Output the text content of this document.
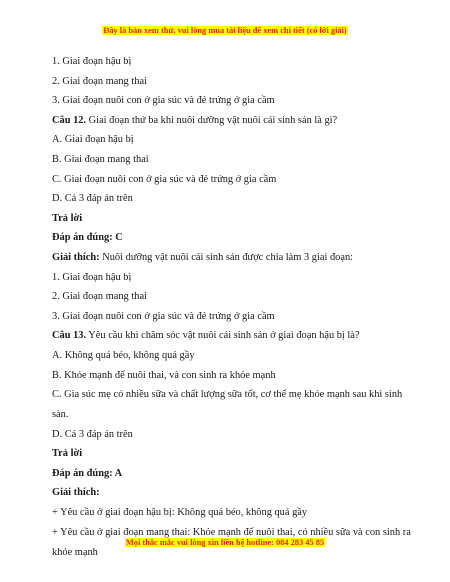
Đây là bản xem thử, vui lòng mua tài liệu để xem chi tiết (có lời giải)
1. Giai đoạn hậu bị
2. Giai đoạn mang thai
3. Giai đoạn nuôi con ở gia súc và đẻ trứng ở gia cầm
Câu 12. Giai đoạn thứ ba khi nuôi dưỡng vật nuôi cái sinh sản là gì?
A. Giai đoạn hậu bị
B. Giai đoạn mang thai
C. Giai đoạn nuôi con ở gia súc và đẻ trứng ở gia cầm
D. Cả 3 đáp án trên
Trả lời
Đáp án đúng: C
Giải thích: Nuôi dưỡng vật nuôi cái sinh sản được chia làm 3 giai đoạn:
1. Giai đoạn hậu bị
2. Giai đoạn mang thai
3. Giai đoạn nuôi con ở gia súc và đẻ trứng ở gia cầm
Câu 13. Yêu cầu khi chăm sóc vật nuôi cái sinh sản ở giai đoạn hậu bị là?
A. Không quá béo, không quá gầy
B. Khỏe mạnh để nuôi thai, và con sinh ra khỏe mạnh
C. Gia súc mẹ có nhiều sữa và chất lượng sữa tốt, cơ thể mẹ khỏe mạnh sau khi sinh sản.
D. Cả 3 đáp án trên
Trả lời
Đáp án đúng: A
Giải thích:
+ Yêu cầu ở giai đoạn hậu bị: Không quá béo, không quá gầy
+ Yêu cầu ở giai đoạn mang thai: Khỏe mạnh để nuôi thai, có nhiều sữa và con sinh ra khỏe mạnh
Mọi thắc mắc vui lòng xin liên hệ hotline: 084 283 45 85
